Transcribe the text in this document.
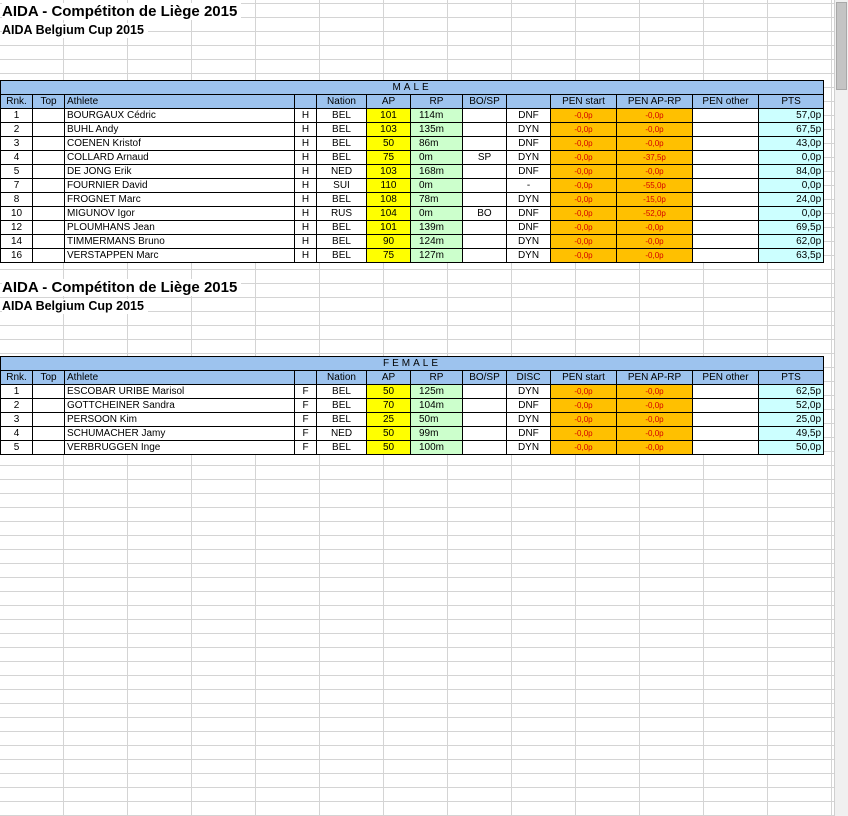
AIDA - Compétiton de Liège 2015
AIDA Belgium Cup 2015
MALE												
Rnk.	Top	Athlete		Nation	AP	RP	BO/SP		PEN start	PEN AP-RP	PEN other	PTS
1		BOURGAUX Cédric	H	BEL	101	114m		DNF	-0,0p	-0,0p		57,0p
2		BUHL Andy	H	BEL	103	135m		DYN	-0,0p	-0,0p		67,5p
3		COENEN Kristof	H	BEL	50	86m		DNF	-0,0p	-0,0p		43,0p
4		COLLARD Arnaud	H	BEL	75	0m	SP	DYN	-0,0p	-37,5p		0,0p
5		DE JONG Erik	H	NED	103	168m		DNF	-0,0p	-0,0p		84,0p
7		FOURNIER David	H	SUI	110	0m		-	-0,0p	-55,0p		0,0p
8		FROGNET Marc	H	BEL	108	78m		DYN	-0,0p	-15,0p		24,0p
10		MIGUNOV Igor	H	RUS	104	0m	BO	DNF	-0,0p	-52,0p		0,0p
12		PLOUMHANS Jean	H	BEL	101	139m		DNF	-0,0p	-0,0p		69,5p
14		TIMMERMANS Bruno	H	BEL	90	124m		DYN	-0,0p	-0,0p		62,0p
16		VERSTAPPEN Marc	H	BEL	75	127m		DYN	-0,0p	-0,0p		63,5p
AIDA - Compétiton de Liège 2015
AIDA Belgium Cup 2015
FEMALE												
Rnk.	Top	Athlete		Nation	AP	RP	BO/SP	DISC	PEN start	PEN AP-RP	PEN other	PTS
1		ESCOBAR URIBE Marisol	F	BEL	50	125m		DYN	-0,0p	-0,0p		62,5p
2		GOTTCHEINER Sandra	F	BEL	70	104m		DNF	-0,0p	-0,0p		52,0p
3		PERSOON Kim	F	BEL	25	50m		DYN	-0,0p	-0,0p		25,0p
4		SCHUMACHER Jamy	F	NED	50	99m		DNF	-0,0p	-0,0p		49,5p
5		VERBRUGGEN Inge	F	BEL	50	100m		DYN	-0,0p	-0,0p		50,0p
